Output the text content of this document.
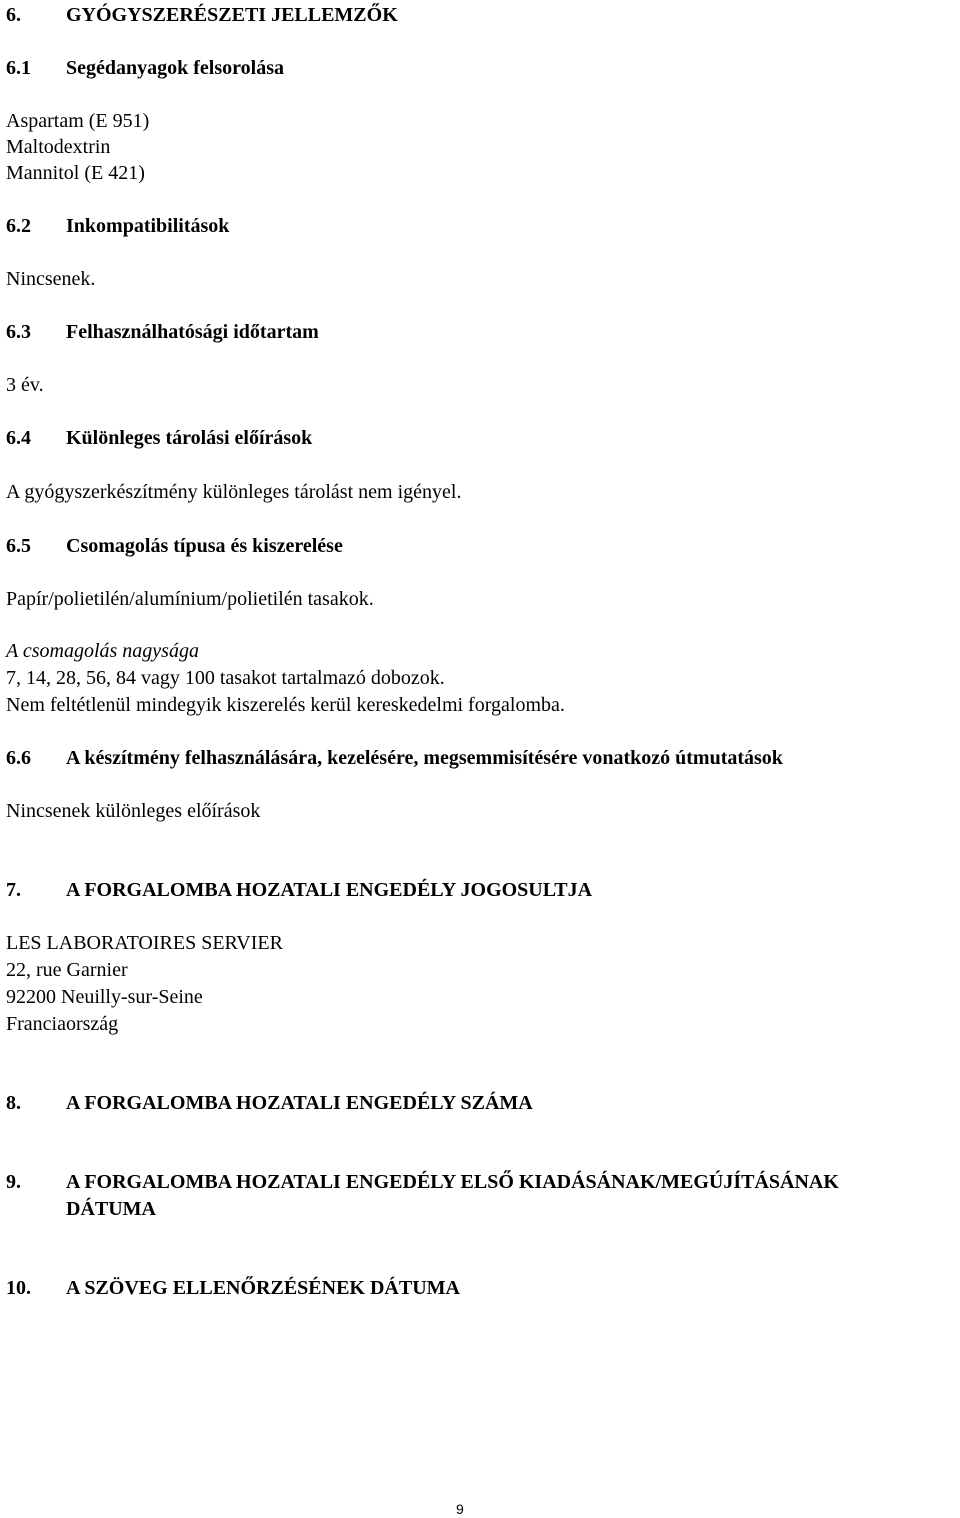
6. GYÓGYSZERÉSZETI JELLEMZŐK
6.1 Segédanyagok felsorolása
Aspartam (E 951)
Maltodextrin
Mannitol (E 421)
6.2 Inkompatibilitások
Nincsenek.
6.3 Felhasználhatósági időtartam
3 év.
6.4 Különleges tárolási előírások
A gyógyszerkészítmény különleges tárolást nem igényel.
6.5 Csomagolás típusa és kiszerelése
Papír/polietilén/alumínium/polietilén tasakok.
A csomagolás nagysága
7, 14, 28, 56, 84 vagy 100 tasakot tartalmazó dobozok.
Nem feltétlenül mindegyik kiszerelés kerül kereskedelmi forgalomba.
6.6 A készítmény felhasználására, kezelésére, megsemmisítésére vonatkozó útmutatások
Nincsenek különleges előírások
7. A FORGALOMBA HOZATALI ENGEDÉLY JOGOSULTJA
LES LABORATOIRES SERVIER
22, rue Garnier
92200 Neuilly-sur-Seine
Franciaország
8. A FORGALOMBA HOZATALI ENGEDÉLY SZÁMA
9. A FORGALOMBA HOZATALI ENGEDÉLY ELSŐ KIADÁSÁNAK/MEGÚJÍTÁSÁNAK
DÁTUMA
10. A SZÖVEG ELLENŐRZÉSÉNEK DÁTUMA
9
